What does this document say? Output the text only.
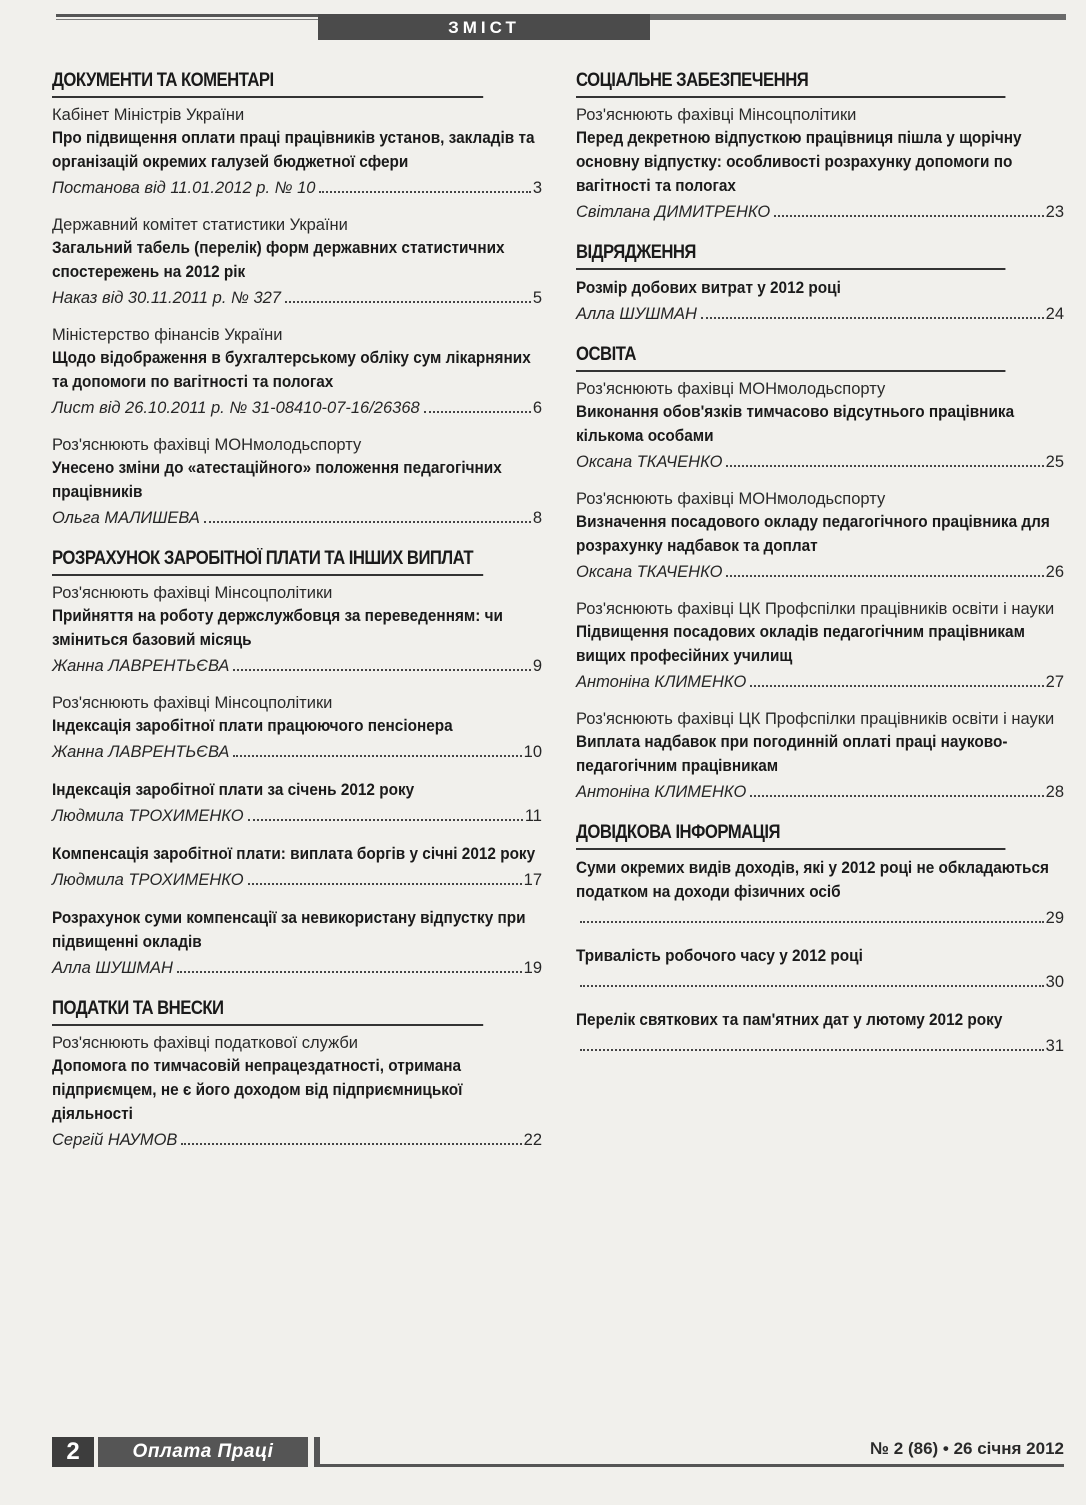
ЗМІСТ
ДОКУМЕНТИ ТА КОМЕНТАРІ
Кабінет Міністрів України
Про підвищення оплати праці працівників установ, закладів та організацій окремих галузей бюджетної сфери
Постанова від 11.01.2012 р. № 10	3
Державний комітет статистики України
Загальний табель (перелік) форм державних статистичних спостережень на 2012 рік
Наказ від 30.11.2011 р. № 327	5
Міністерство фінансів України
Щодо відображення в бухгалтерському обліку сум лікарняних та допомоги по вагітності та пологах
Лист від 26.10.2011 р. № 31-08410-07-16/26368	6
Роз'яснюють фахівці МОНмолодьспорту
Унесено зміни до «атестаційного» положення педагогічних працівників
Ольга МАЛИШЕВА	8
РОЗРАХУНОК ЗАРОБІТНОЇ ПЛАТИ ТА ІНШИХ ВИПЛАТ
Роз'яснюють фахівці Мінсоцполітики
Прийняття на роботу держслужбовця за переведенням: чи зміниться базовий місяць
Жанна ЛАВРЕНТЬЄВА	9
Роз'яснюють фахівці Мінсоцполітики
Індексація заробітної плати працюючого пенсіонера
Жанна ЛАВРЕНТЬЄВА	10
Індексація заробітної плати за січень 2012 року
Людмила ТРОХИМЕНКО	11
Компенсація заробітної плати: виплата боргів у січні 2012 року
Людмила ТРОХИМЕНКО	17
Розрахунок суми компенсації за невикористану відпустку при підвищенні окладів
Алла ШУШМАН	19
ПОДАТКИ ТА ВНЕСКИ
Роз'яснюють фахівці податкової служби
Допомога по тимчасовій непрацездатності, отримана підприємцем, не є його доходом від підприємницької діяльності
Сергій НАУМОВ	22
СОЦІАЛЬНЕ ЗАБЕЗПЕЧЕННЯ
Роз'яснюють фахівці Мінсоцполітики
Перед декретною відпусткою працівниця пішла у щорічну основну відпустку: особливості розрахунку допомоги по вагітності та пологах
Світлана ДИМИТРЕНКО	23
ВІДРЯДЖЕННЯ
Розмір добових витрат у 2012 році
Алла ШУШМАН	24
ОСВІТА
Роз'яснюють фахівці МОНмолодьспорту
Виконання обов'язків тимчасово відсутнього працівника кількома особами
Оксана ТКАЧЕНКО	25
Роз'яснюють фахівці МОНмолодьспорту
Визначення посадового окладу педагогічного працівника для розрахунку надбавок та доплат
Оксана ТКАЧЕНКО	26
Роз'яснюють фахівці ЦК Профспілки працівників освіти і науки
Підвищення посадових окладів педагогічним працівникам вищих професійних училищ
Антоніна КЛИМЕНКО	27
Роз'яснюють фахівці ЦК Профспілки працівників освіти і науки
Виплата надбавок при погодинній оплаті праці науково-педагогічним працівникам
Антоніна КЛИМЕНКО	28
ДОВІДКОВА ІНФОРМАЦІЯ
Суми окремих видів доходів, які у 2012 році не обкладаються податком на доходи фізичних осіб
29
Тривалість робочого часу у 2012 році
30
Перелік святкових та пам'ятних дат у лютому 2012 року
31
2	Оплата Праці	№ 2 (86) • 26 січня 2012
